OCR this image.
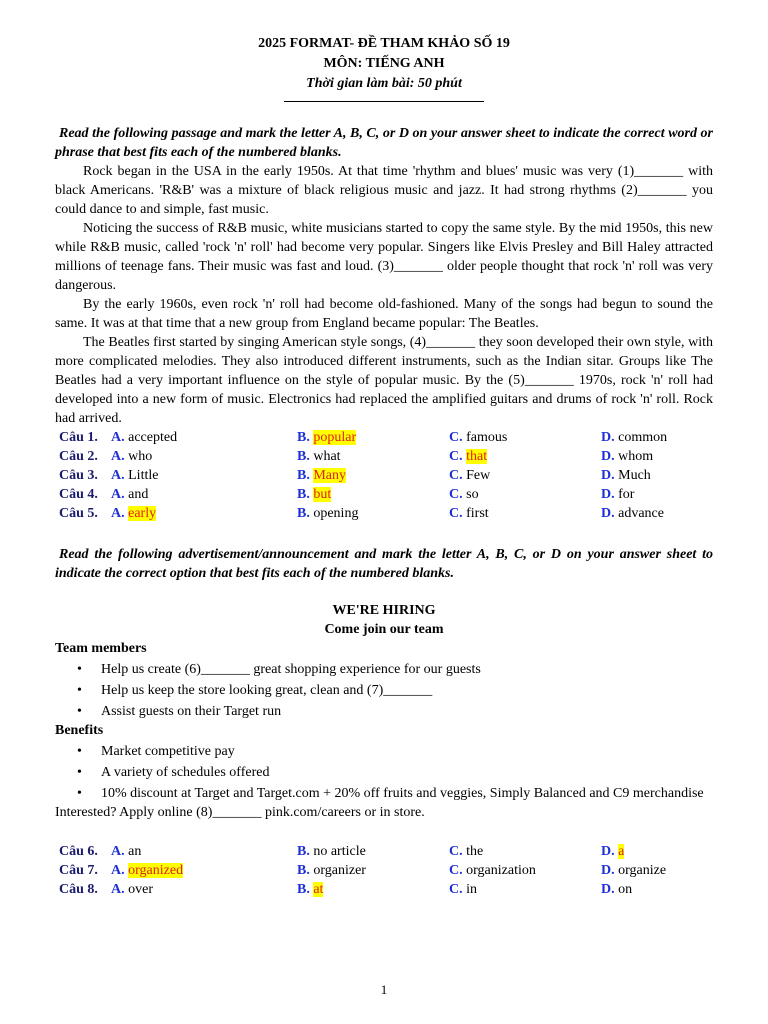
2025 FORMAT- ĐỀ THAM KHẢO SỐ 19
MÔN: TIẾNG ANH
Thời gian làm bài: 50 phút
Read the following passage and mark the letter A, B, C, or D on your answer sheet to indicate the correct word or phrase that best fits each of the numbered blanks.
Rock began in the USA in the early 1950s. At that time 'rhythm and blues' music was very (1)_______ with black Americans. 'R&B' was a mixture of black religious music and jazz. It had strong rhythms (2)_______ you could dance to and simple, fast music.
Noticing the success of R&B music, white musicians started to copy the same style. By the mid 1950s, this new while R&B music, called 'rock 'n' roll' had become very popular. Singers like Elvis Presley and Bill Haley attracted millions of teenage fans. Their music was fast and loud. (3)_______ older people thought that rock 'n' roll was very dangerous.
By the early 1960s, even rock 'n' roll had become old-fashioned. Many of the songs had begun to sound the same. It was at that time that a new group from England became popular: The Beatles.
The Beatles first started by singing American style songs, (4)_______ they soon developed their own style, with more complicated melodies. They also introduced different instruments, such as the Indian sitar. Groups like The Beatles had a very important influence on the style of popular music. By the (5)_______ 1970s, rock 'n' roll had developed into a new form of music. Electronics had replaced the amplified guitars and drums of rock 'n' roll. Rock had arrived.
Câu 1.	A. accepted	B. popular	C. famous	D. common
Câu 2.	A. who	B. what	C. that	D. whom
Câu 3.	A. Little	B. Many	C. Few	D. Much
Câu 4.	A. and	B. but	C. so	D. for
Câu 5.	A. early	B. opening	C. first	D. advance
Read the following advertisement/announcement and mark the letter A, B, C, or D on your answer sheet to indicate the correct option that best fits each of the numbered blanks.
WE'RE HIRING
Come join our team
Team members
• Help us create (6)_______ great shopping experience for our guests
• Help us keep the store looking great, clean and (7)_______
• Assist guests on their Target run
Benefits
• Market competitive pay
• A variety of schedules offered
• 10% discount at Target and Target.com + 20% off fruits and veggies, Simply Balanced and C9 merchandise
Interested? Apply online (8)_______ pink.com/careers or in store.
Câu 6.	A. an	B. no article	C. the	D. a
Câu 7.	A. organized	B. organizer	C. organization	D. organize
Câu 8.	A. over	B. at	C. in	D. on
1
